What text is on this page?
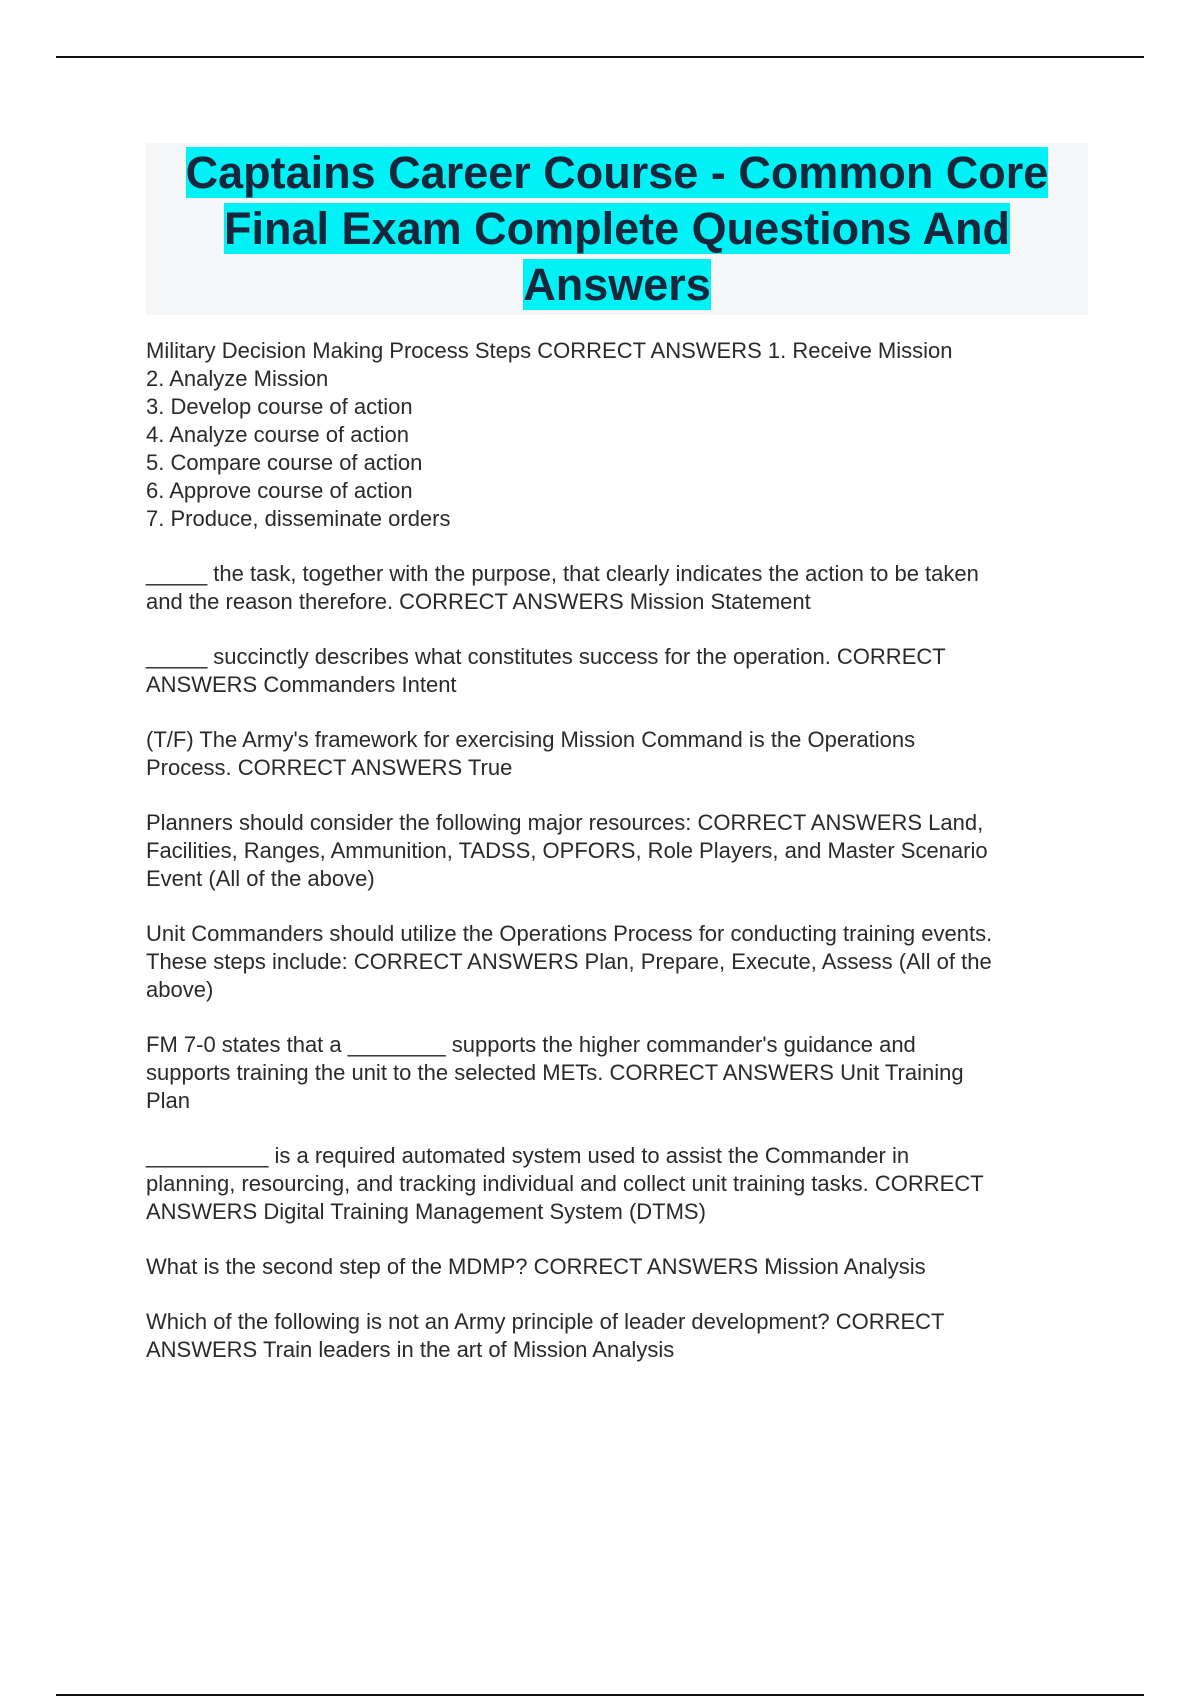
Captains Career Course - Common Core
Final Exam Complete Questions And
Answers

Military Decision Making Process Steps CORRECT ANSWERS 1. Receive Mission
2. Analyze Mission
3. Develop course of action
4. Analyze course of action
5. Compare course of action
6. Approve course of action
7. Produce, disseminate orders

_____ the task, together with the purpose, that clearly indicates the action to be taken
and the reason therefore. CORRECT ANSWERS Mission Statement

_____ succinctly describes what constitutes success for the operation. CORRECT
ANSWERS Commanders Intent

(T/F) The Army's framework for exercising Mission Command is the Operations
Process. CORRECT ANSWERS True

Planners should consider the following major resources: CORRECT ANSWERS Land,
Facilities, Ranges, Ammunition, TADSS, OPFORS, Role Players, and Master Scenario
Event (All of the above)

Unit Commanders should utilize the Operations Process for conducting training events.
These steps include: CORRECT ANSWERS Plan, Prepare, Execute, Assess (All of the
above)

FM 7-0 states that a ________ supports the higher commander's guidance and
supports training the unit to the selected METs. CORRECT ANSWERS Unit Training
Plan

__________ is a required automated system used to assist the Commander in
planning, resourcing, and tracking individual and collect unit training tasks. CORRECT
ANSWERS Digital Training Management System (DTMS)

What is the second step of the MDMP? CORRECT ANSWERS Mission Analysis

Which of the following is not an Army principle of leader development? CORRECT
ANSWERS Train leaders in the art of Mission Analysis
